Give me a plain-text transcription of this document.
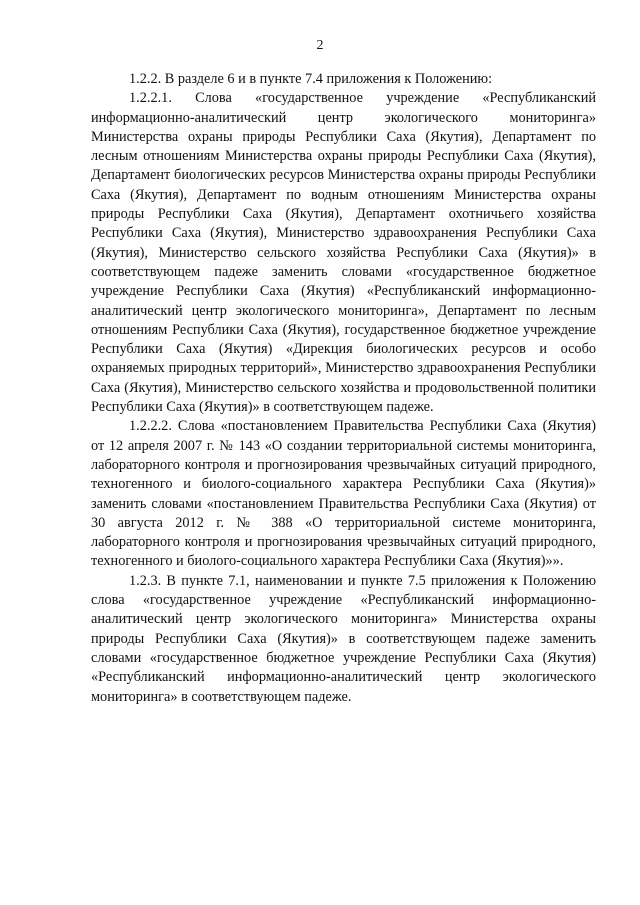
2

1.2.2. В разделе 6 и в пункте 7.4 приложения к Положению:

1.2.2.1. Слова «государственное учреждение «Республиканский информационно-аналитический центр экологического мониторинга» Министерства охраны природы Республики Саха (Якутия), Департамент по лесным отношениям Министерства охраны природы Республики Саха (Якутия), Департамент биологических ресурсов Министерства охраны природы Республики Саха (Якутия), Департамент по водным отношениям Министерства охраны природы Республики Саха (Якутия), Департамент охотничьего хозяйства Республики Саха (Якутия), Министерство здравоохранения Республики Саха (Якутия), Министерство сельского хозяйства Республики Саха (Якутия)» в соответствующем падеже заменить словами «государственное бюджетное учреждение Республики Саха (Якутия) «Республиканский информационно-аналитический центр экологического мониторинга», Департамент по лесным отношениям Республики Саха (Якутия), государственное бюджетное учреждение Республики Саха (Якутия) «Дирекция биологических ресурсов и особо охраняемых природных территорий», Министерство здравоохранения Республики Саха (Якутия), Министерство сельского хозяйства и продовольственной политики Республики Саха (Якутия)» в соответствующем падеже.

1.2.2.2. Слова «постановлением Правительства Республики Саха (Якутия) от 12 апреля 2007 г. № 143 «О создании территориальной системы мониторинга, лабораторного контроля и прогнозирования чрезвычайных ситуаций природного, техногенного и биолого-социального характера Республики Саха (Якутия)» заменить словами «постановлением Правительства Республики Саха (Якутия) от 30 августа 2012 г. № 388 «О территориальной системе мониторинга, лабораторного контроля и прогнозирования чрезвычайных ситуаций природного, техногенного и биолого-социального характера Республики Саха (Якутия)»».

1.2.3. В пункте 7.1, наименовании и пункте 7.5 приложения к Положению слова «государственное учреждение «Республиканский информационно-аналитический центр экологического мониторинга» Министерства охраны природы Республики Саха (Якутия)» в соответствующем падеже заменить словами «государственное бюджетное учреждение Республики Саха (Якутия) «Республиканский информационно-аналитический центр экологического мониторинга» в соответствующем падеже.
